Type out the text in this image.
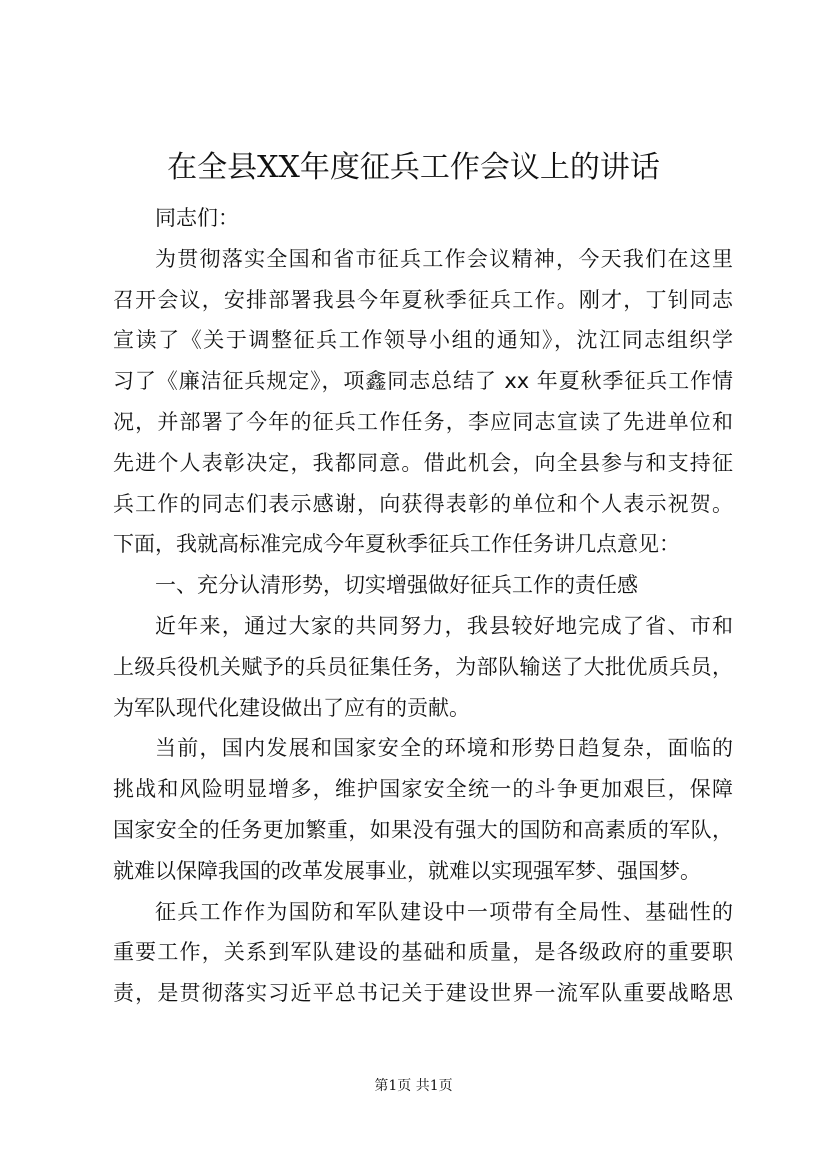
在全县XX年度征兵工作会议上的讲话
同志们：
为贯彻落实全国和省市征兵工作会议精神，今天我们在这里
召开会议，安排部署我县今年夏秋季征兵工作。刚才，丁钊同志
宣读了《关于调整征兵工作领导小组的通知》，沈江同志组织学
习了《廉洁征兵规定》，项鑫同志总结了 xx 年夏秋季征兵工作情
况，并部署了今年的征兵工作任务，李应同志宣读了先进单位和
先进个人表彰决定，我都同意。借此机会，向全县参与和支持征
兵工作的同志们表示感谢，向获得表彰的单位和个人表示祝贺。
下面，我就高标准完成今年夏秋季征兵工作任务讲几点意见：
一、充分认清形势，切实增强做好征兵工作的责任感
近年来，通过大家的共同努力，我县较好地完成了省、市和
上级兵役机关赋予的兵员征集任务，为部队输送了大批优质兵员，
为军队现代化建设做出了应有的贡献。
当前，国内发展和国家安全的环境和形势日趋复杂，面临的
挑战和风险明显增多，维护国家安全统一的斗争更加艰巨，保障
国家安全的任务更加繁重，如果没有强大的国防和高素质的军队，
就难以保障我国的改革发展事业，就难以实现强军梦、强国梦。
征兵工作作为国防和军队建设中一项带有全局性、基础性的
重要工作，关系到军队建设的基础和质量，是各级政府的重要职
责，是贯彻落实习近平总书记关于建设世界一流军队重要战略思
第1页 共1页
